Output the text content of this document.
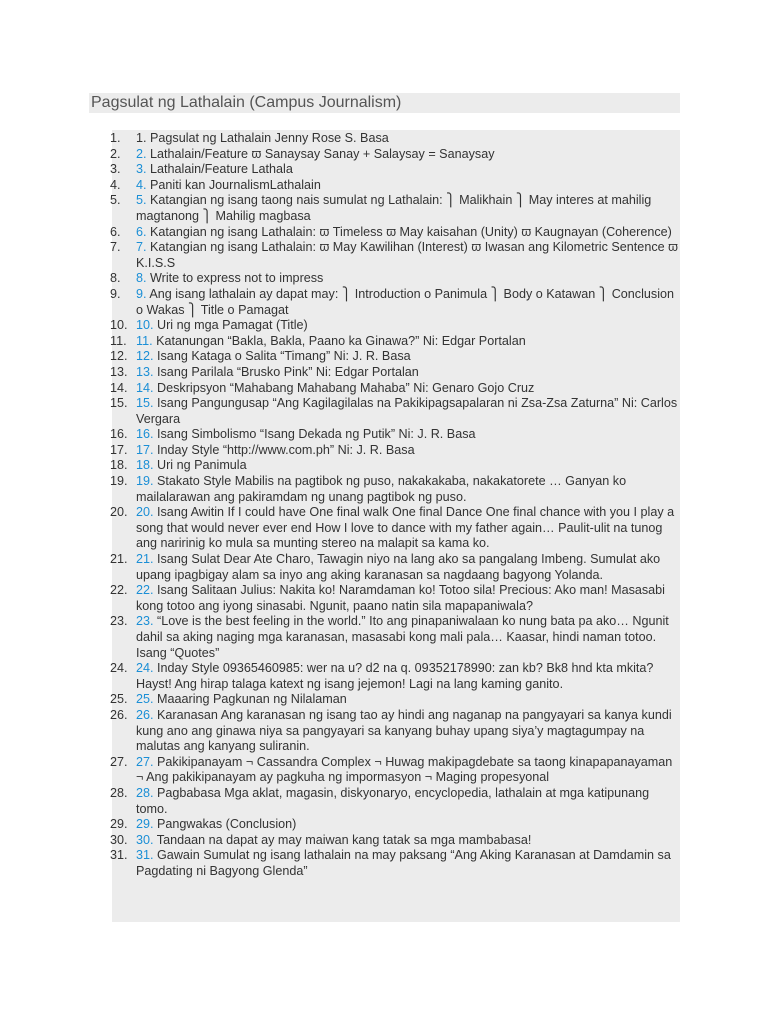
Pagsulat ng Lathalain (Campus Journalism)
1.	1. Pagsulat ng Lathalain Jenny Rose S. Basa
2.	2. Lathalain/Feature ϖ Sanaysay Sanay + Salaysay = Sanaysay
3.	3. Lathalain/Feature Lathala
4.	4. Paniti kan JournalismLathalain
5.	5. Katangian ng isang taong nais sumulat ng Lathalain: ⎫ Malikhain ⎫ May interes at mahilig magtanong ⎫ Mahilig magbasa
6.	6. Katangian ng isang Lathalain: ϖ Timeless ϖ May kaisahan (Unity) ϖ Kaugnayan (Coherence)
7.	7. Katangian ng isang Lathalain: ϖ May Kawilihan (Interest) ϖ Iwasan ang Kilometric Sentence ϖ K.I.S.S
8.	8. Write to express not to impress
9.	9. Ang isang lathalain ay dapat may: ⎫ Introduction o Panimula ⎫ Body o Katawan ⎫ Conclusion o Wakas ⎫ Title o Pamagat
10. 10. Uri ng mga Pamagat (Title)
11. 11. Katanungan “Bakla, Bakla, Paano ka Ginawa?” Ni: Edgar Portalan
12. 12. Isang Kataga o Salita “Timang” Ni: J. R. Basa
13. 13. Isang Parilala “Brusko Pink” Ni: Edgar Portalan
14. 14. Deskripsyon “Mahabang Mahabang Mahaba” Ni: Genaro Gojo Cruz
15. 15. Isang Pangungusap “Ang Kagilagilalas na Pakikipagsapalaran ni Zsa-Zsa Zaturna” Ni: Carlos Vergara
16. 16. Isang Simbolismo “Isang Dekada ng Putik” Ni: J. R. Basa
17. 17. Inday Style “http://www.com.ph” Ni: J. R. Basa
18. 18. Uri ng Panimula
19. 19. Stakato Style Mabilis na pagtibok ng puso, nakakakaba, nakakatorete … Ganyan ko mailalarawan ang pakiramdam ng unang pagtibok ng puso.
20. 20. Isang Awitin If I could have One final walk One final Dance One final chance with you I play a song that would never ever end How I love to dance with my father again… Paulit-ulit na tunog ang naririnig ko mula sa munting stereo na malapit sa kama ko.
21. 21. Isang Sulat Dear Ate Charo, Tawagin niyo na lang ako sa pangalang Imbeng. Sumulat ako upang ipagbigay alam sa inyo ang aking karanasan sa nagdaang bagyong Yolanda.
22. 22. Isang Salitaan Julius: Nakita ko! Naramdaman ko! Totoo sila! Precious: Ako man! Masasabi kong totoo ang iyong sinasabi. Ngunit, paano natin sila mapapaniwala?
23. 23. “Love is the best feeling in the world.” Ito ang pinapaniwalaan ko nung bata pa ako… Ngunit dahil sa aking naging mga karanasan, masasabi kong mali pala… Kaasar, hindi naman totoo. Isang “Quotes”
24. 24. Inday Style 09365460985: wer na u? d2 na q. 09352178990: zan kb? Bk8 hnd kta mkita? Hayst! Ang hirap talaga katext ng isang jejemon! Lagi na lang kaming ganito.
25. 25. Maaaring Pagkunan ng Nilalaman
26. 26. Karanasan Ang karanasan ng isang tao ay hindi ang naganap na pangyayari sa kanya kundi kung ano ang ginawa niya sa pangyayari sa kanyang buhay upang siya’y magtagumpay na malutas ang kanyang suliranin.
27. 27. Pakikipanayam ¬ Cassandra Complex ¬ Huwag makipagdebate sa taong kinapapanayaman ¬ Ang pakikipanayam ay pagkuha ng impormasyon ¬ Maging propesyonal
28. 28. Pagbabasa Mga aklat, magasin, diskyonaryo, encyclopedia, lathalain at mga katipunang tomo.
29. 29. Pangwakas (Conclusion)
30. 30. Tandaan na dapat ay may maiwan kang tatak sa mga mambabasa!
31. 31. Gawain Sumulat ng isang lathalain na may paksang “Ang Aking Karanasan at Damdamin sa Pagdating ni Bagyong Glenda”
